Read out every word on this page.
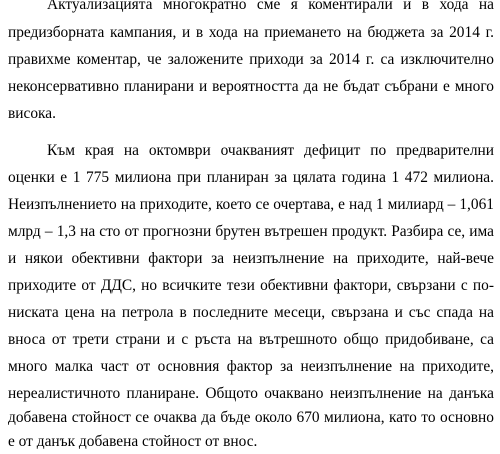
Актуализацията многократно сме я коментирали и в хода на
предизборната кампания, и в хода на приемането на бюджета за 2014 г.
правихме коментар, че заложените приходи за 2014 г. са изключително
неконсервативно планирани и вероятността да не бъдат събрани е много
висока.
Към края на октомври очакваният дефицит по предварителни
оценки е 1 775 милиона при планиран за цялата година 1 472 милиона.
Неизпълнението на приходите, което се очертава, е над 1 милиард – 1,061
млрд – 1,3 на сто от прогнозни брутен вътрешен продукт. Разбира се, има
и някои обективни фактори за неизпълнение на приходите, най-вече
приходите от ДДС, но всичките тези обективни фактори, свързани с по-
ниската цена на петрола в последните месеци, свързана и със спада на
вноса от трети страни и с ръста на вътрешното общо придобиване, са
много малка част от основния фактор за неизпълнение на приходите,
нереалистичното планиране. Общото очаквано неизпълнение на данъка
добавена стойност се очаква да бъде около 670 милиона, като то основно
е от данък добавена стойност от внос.
